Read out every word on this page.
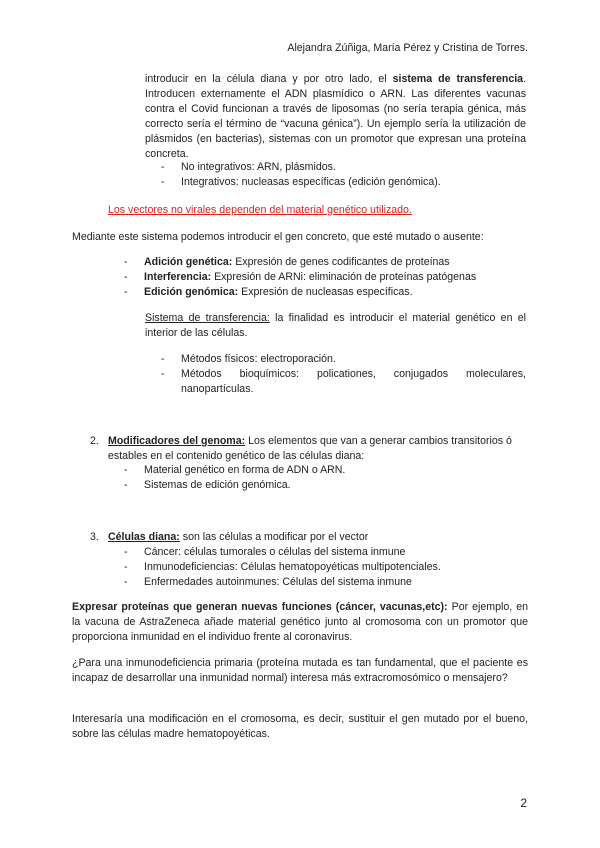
Alejandra Zúñiga, María Pérez y Cristina de Torres.
introducir en la célula diana y por otro lado, el sistema de transferencia. Introducen externamente el ADN plasmídico o ARN. Las diferentes vacunas contra el Covid funcionan a través de liposomas (no sería terapia génica, más correcto sería el término de “vacuna génica”). Un ejemplo sería la utilización de plásmidos (en bacterias), sistemas con un promotor que expresan una proteína concreta.
- No integrativos: ARN, plásmidos.
- Integrativos: nucleasas específicas (edición genómica).
Los vectores no virales dependen del material genético utilizado.
Mediante este sistema podemos introducir el gen concreto, que esté mutado o ausente:
- Adición genética: Expresión de genes codificantes de proteínas
- Interferencia: Expresión de ARNi: eliminación de proteínas patógenas
- Edición genómica: Expresión de nucleasas específicas.
Sistema de transferencia: la finalidad es introducir el material genético en el interior de las células.
- Métodos físicos: electroporación.
- Métodos bioquímicos: policationes, conjugados moleculares, nanopartículas.
2. Modificadores del genoma: Los elementos que van a generar cambios transitorios ó estables en el contenido genético de las células diana:
- Material genético en forma de ADN o ARN.
- Sistemas de edición genómica.
3. Células diana: son las células a modificar por el vector
- Cáncer: células tumorales o células del sistema inmune
- Inmunodeficiencias: Células hematopoyéticas multipotenciales.
- Enfermedades autoinmunes: Células del sistema inmune
Expresar proteínas que generan nuevas funciones (cáncer, vacunas,etc): Por ejemplo, en la vacuna de AstraZeneca añade material genético junto al cromosoma con un promotor que proporciona inmunidad en el individuo frente al coronavirus.
¿Para una inmunodeficiencia primaria (proteína mutada es tan fundamental, que el paciente es incapaz de desarrollar una inmunidad normal) interesa más extracromosómico o mensajero?
Interesaría una modificación en el cromosoma, es decir, sustituir el gen mutado por el bueno, sobre las células madre hematopoyéticas.
2
